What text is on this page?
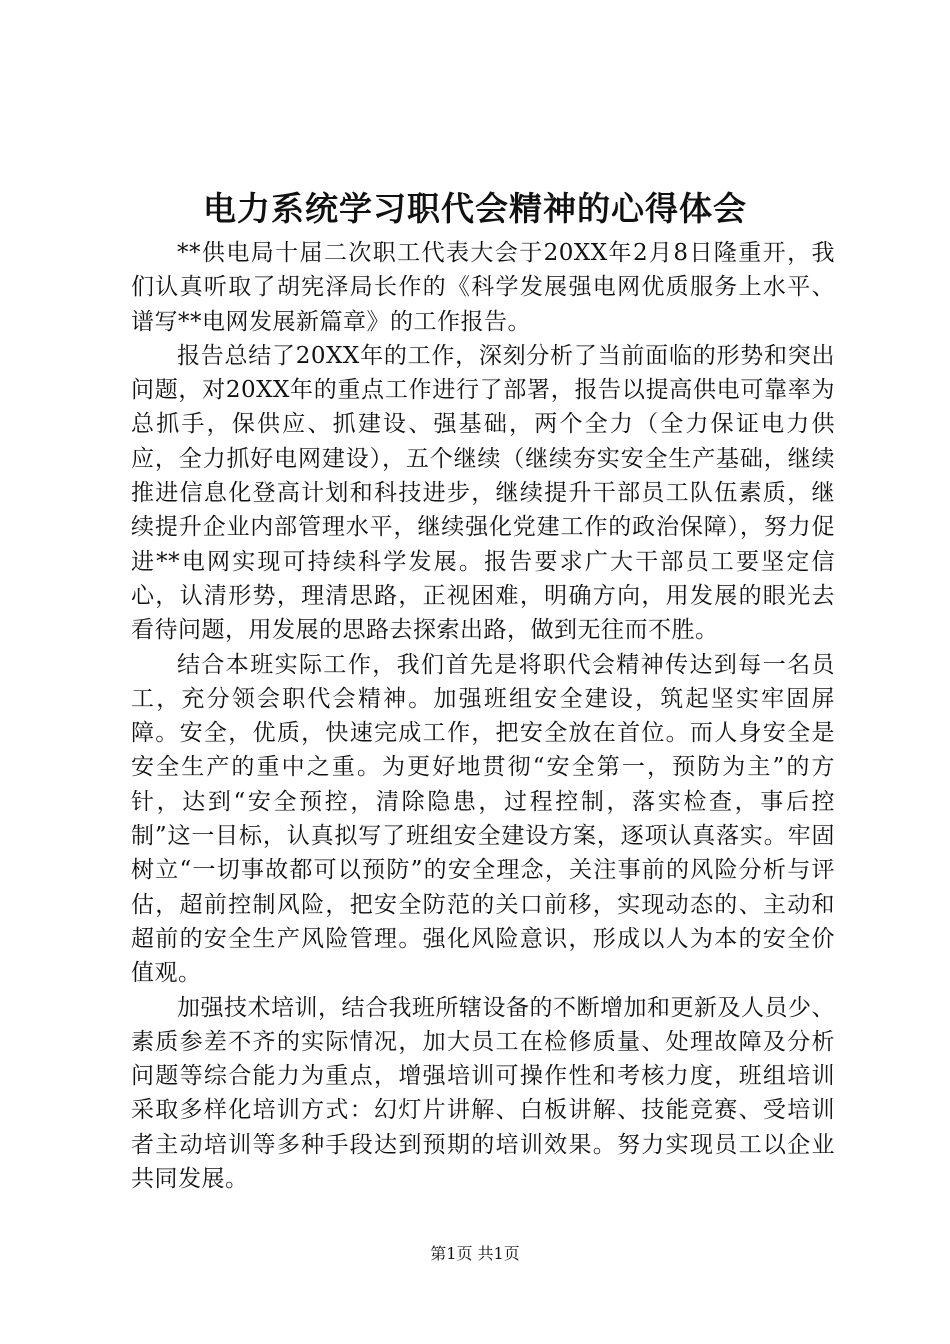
电力系统学习职代会精神的心得体会

**供电局十届二次职工代表大会于20XX年2月8日隆重开，我们认真听取了胡宪泽局长作的《科学发展强电网优质服务上水平、谱写**电网发展新篇章》的工作报告。

报告总结了20XX年的工作，深刻分析了当前面临的形势和突出问题，对20XX年的重点工作进行了部署，报告以提高供电可靠率为总抓手，保供应、抓建设、强基础，两个全力（全力保证电力供应，全力抓好电网建设），五个继续（继续夯实安全生产基础，继续推进信息化登高计划和科技进步，继续提升干部员工队伍素质，继续提升企业内部管理水平，继续强化党建工作的政治保障），努力促进**电网实现可持续科学发展。报告要求广大干部员工要坚定信心，认清形势，理清思路，正视困难，明确方向，用发展的眼光去看待问题，用发展的思路去探索出路，做到无往而不胜。

结合本班实际工作，我们首先是将职代会精神传达到每一名员工，充分领会职代会精神。加强班组安全建设，筑起坚实牢固屏障。安全，优质，快速完成工作，把安全放在首位。而人身安全是安全生产的重中之重。为更好地贯彻“安全第一，预防为主”的方针，达到“安全预控，清除隐患，过程控制，落实检查，事后控制”这一目标，认真拟写了班组安全建设方案，逐项认真落实。牢固树立“一切事故都可以预防”的安全理念，关注事前的风险分析与评估，超前控制风险，把安全防范的关口前移，实现动态的、主动和超前的安全生产风险管理。强化风险意识，形成以人为本的安全价值观。

加强技术培训，结合我班所辖设备的不断增加和更新及人员少、素质参差不齐的实际情况，加大员工在检修质量、处理故障及分析问题等综合能力为重点，增强培训可操作性和考核力度，班组培训采取多样化培训方式：幻灯片讲解、白板讲解、技能竞赛、受培训者主动培训等多种手段达到预期的培训效果。努力实现员工以企业共同发展。

第1页 共1页
